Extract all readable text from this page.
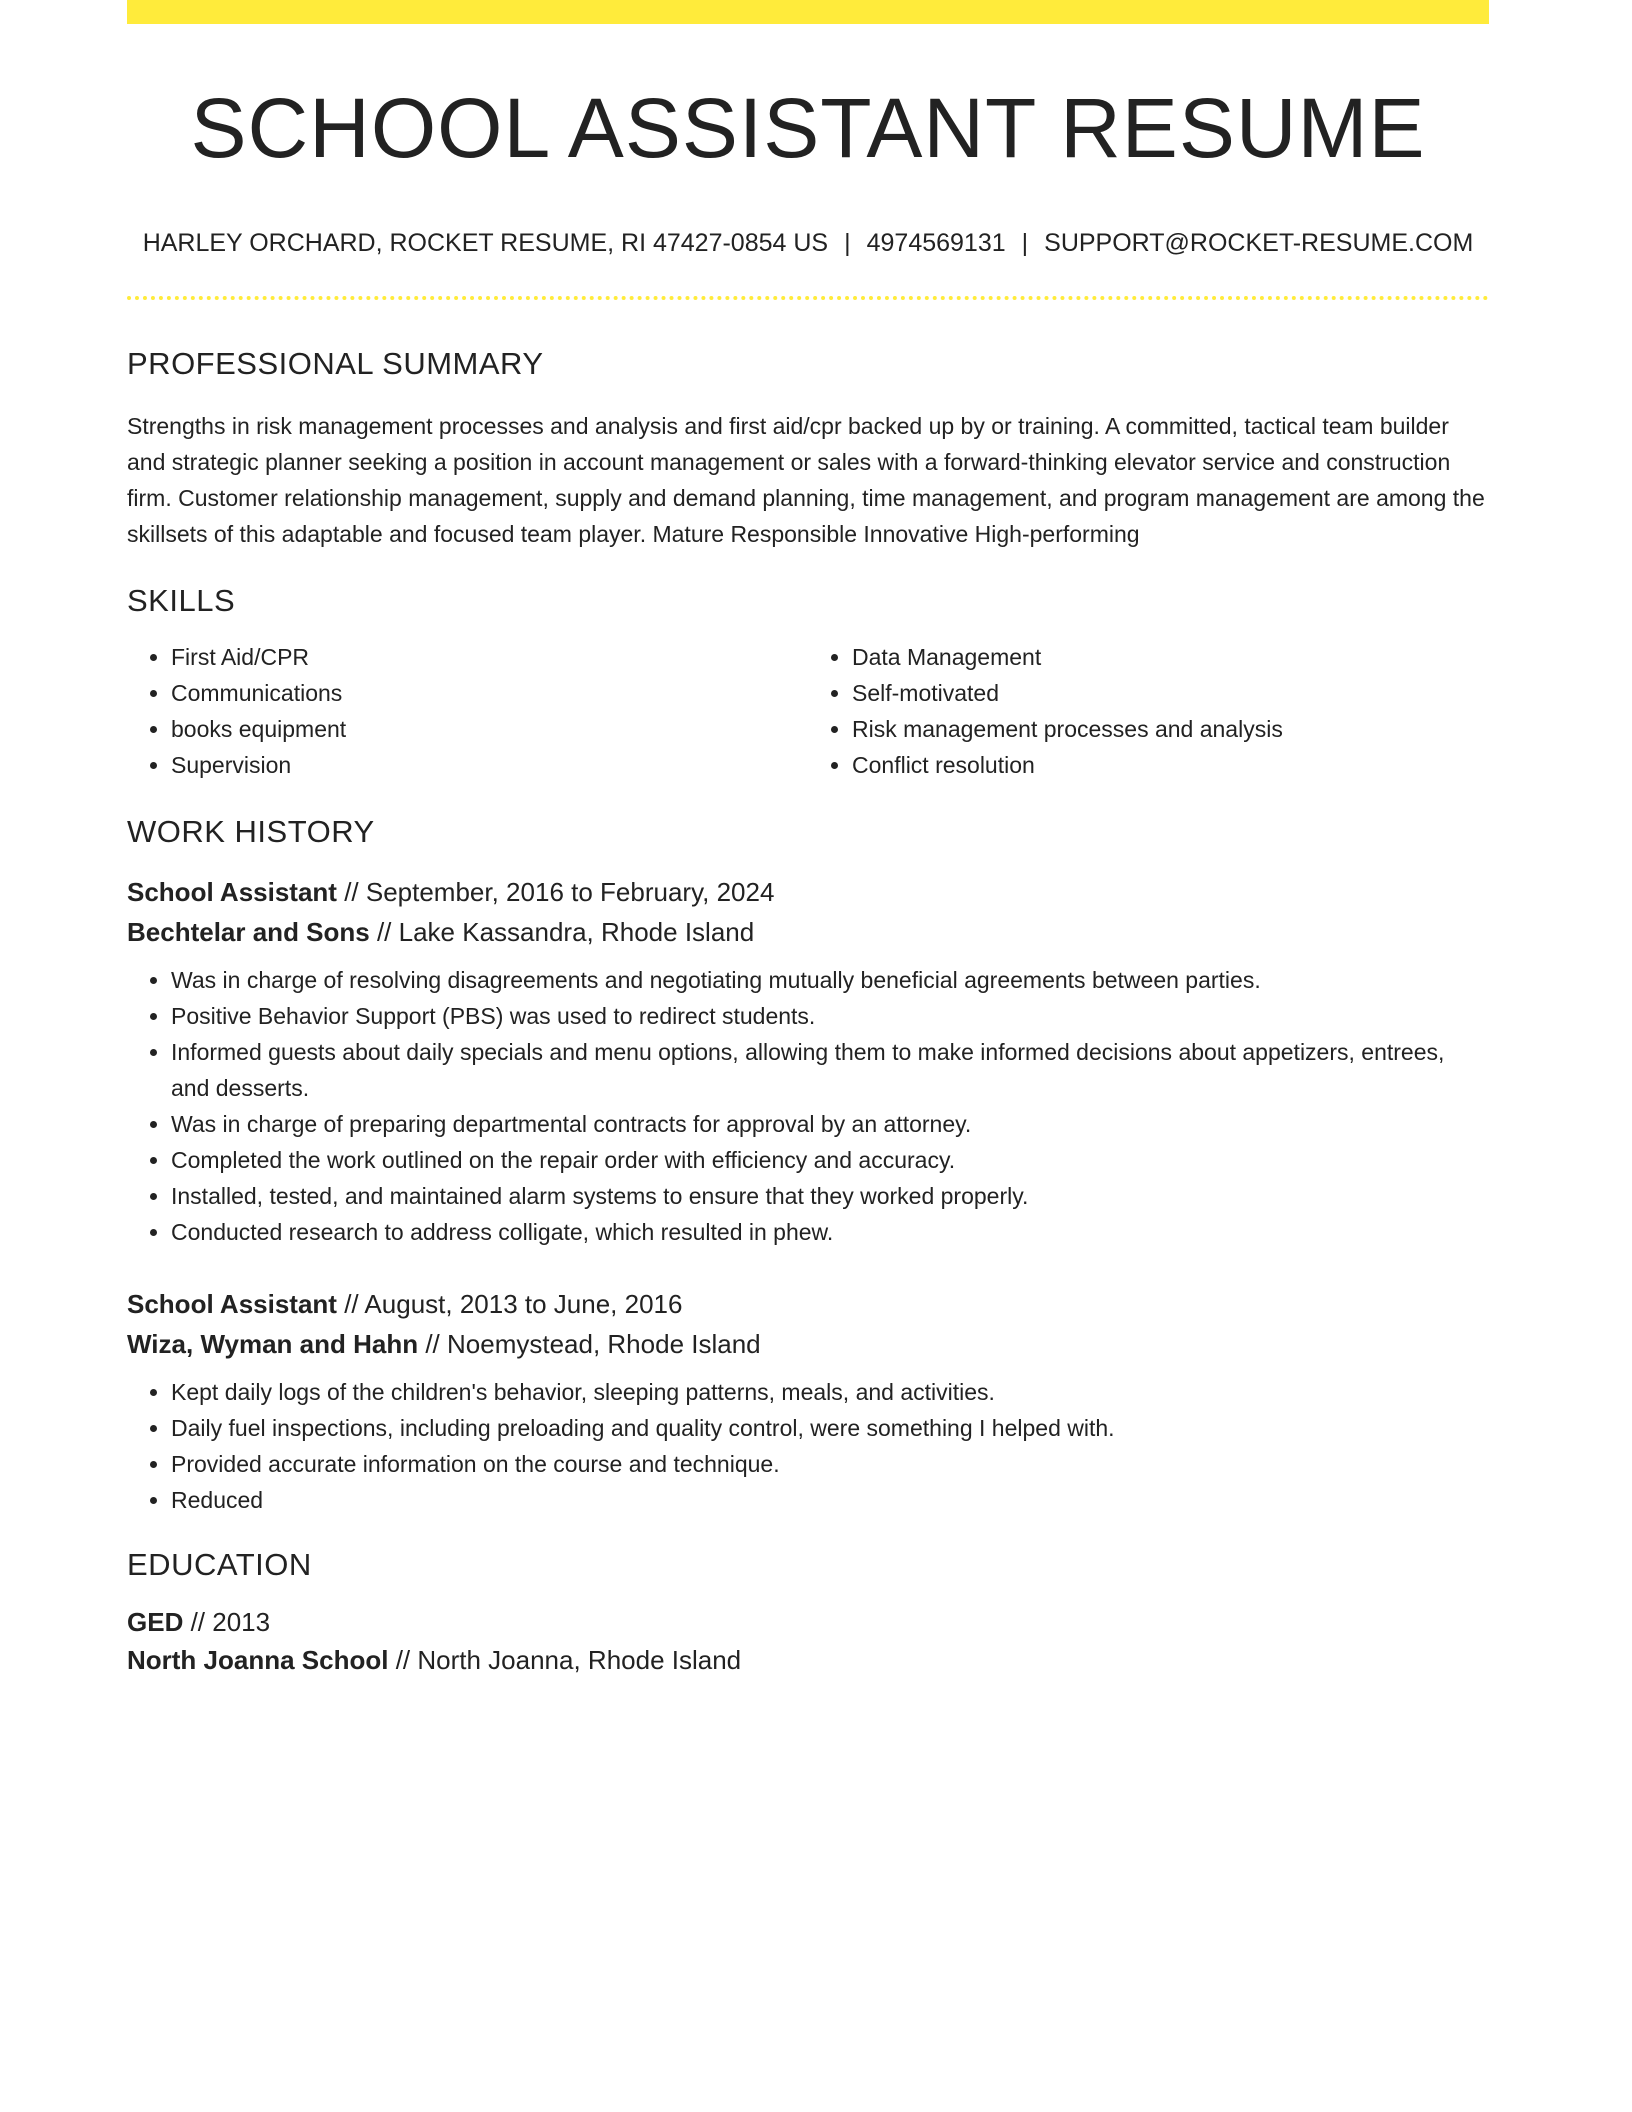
SCHOOL ASSISTANT RESUME
HARLEY ORCHARD, ROCKET RESUME, RI 47427-0854 US | 4974569131 | SUPPORT@ROCKET-RESUME.COM
PROFESSIONAL SUMMARY

Strengths in risk management processes and analysis and first aid/cpr backed up by or training. A committed, tactical team builder and strategic planner seeking a position in account management or sales with a forward-thinking elevator service and construction firm. Customer relationship management, supply and demand planning, time management, and program management are among the skillsets of this adaptable and focused team player. Mature Responsible Innovative High-performing

SKILLS
• First Aid/CPR
• Communications
• books equipment
• Supervision
• Data Management
• Self-motivated
• Risk management processes and analysis
• Conflict resolution
WORK HISTORY
School Assistant // September, 2016 to February, 2024
Bechtelar and Sons // Lake Kassandra, Rhode Island
• Was in charge of resolving disagreements and negotiating mutually beneficial agreements between parties.
• Positive Behavior Support (PBS) was used to redirect students.
• Informed guests about daily specials and menu options, allowing them to make informed decisions about appetizers, entrees, and desserts.
• Was in charge of preparing departmental contracts for approval by an attorney.
• Completed the work outlined on the repair order with efficiency and accuracy.
• Installed, tested, and maintained alarm systems to ensure that they worked properly.
• Conducted research to address colligate, which resulted in phew.
School Assistant // August, 2013 to June, 2016
Wiza, Wyman and Hahn // Noemystead, Rhode Island
• Kept daily logs of the children's behavior, sleeping patterns, meals, and activities.
• Daily fuel inspections, including preloading and quality control, were something I helped with.
• Provided accurate information on the course and technique.
• Reduced
EDUCATION
GED // 2013
North Joanna School // North Joanna, Rhode Island
